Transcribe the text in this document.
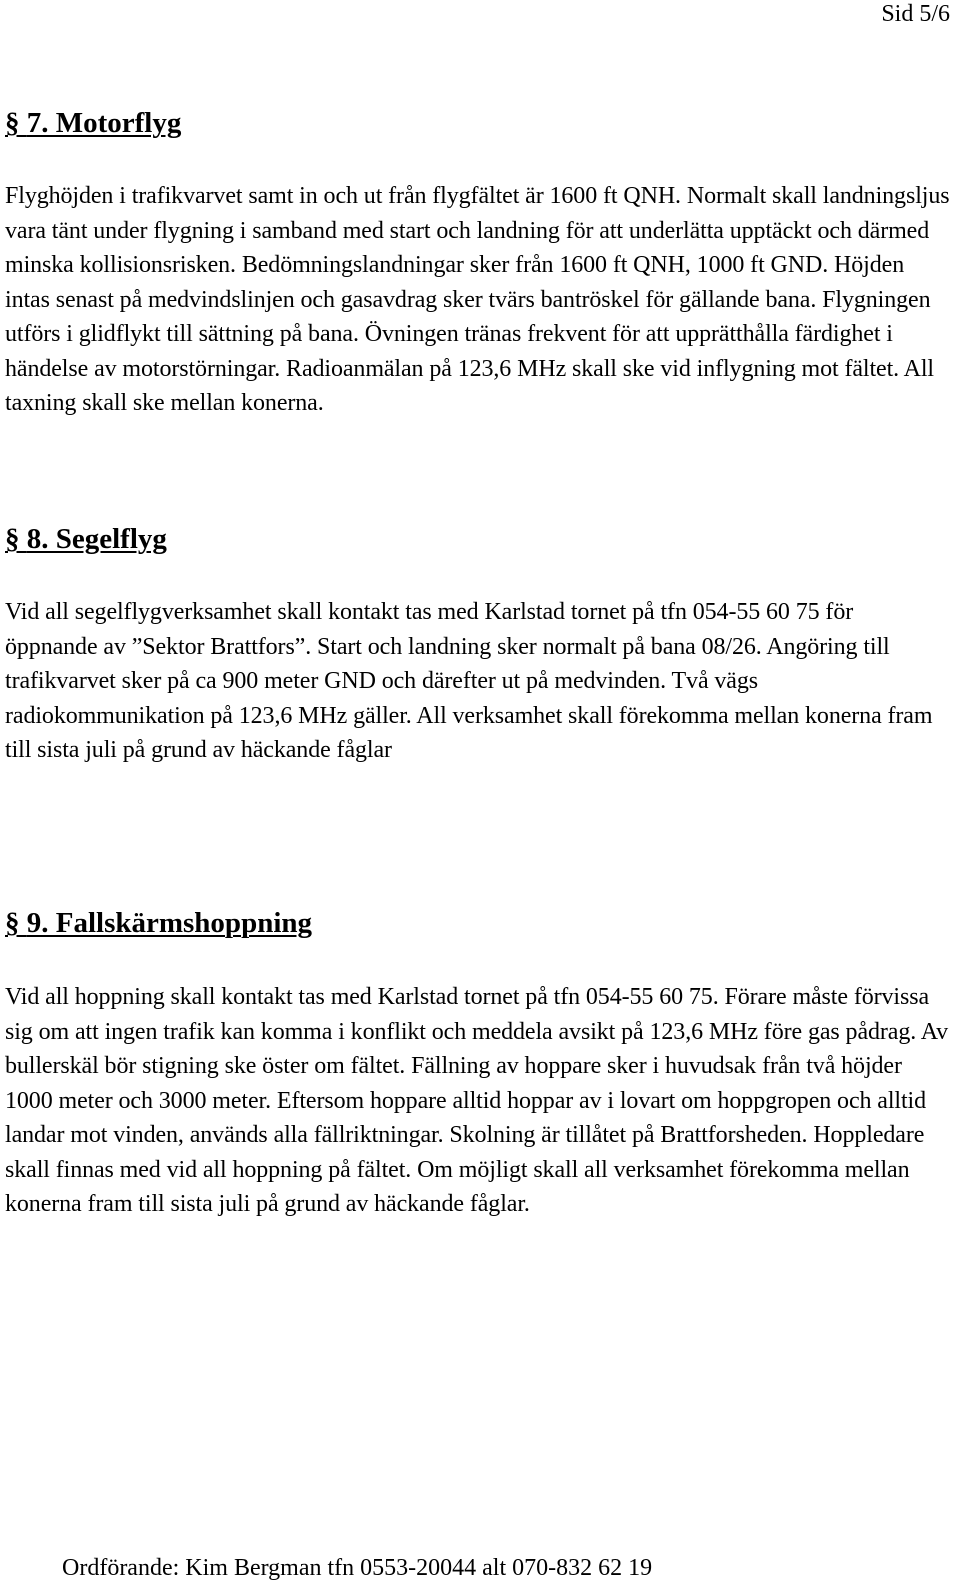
Sid 5/6
§ 7. Motorflyg

Flyghöjden i trafikvarvet samt in och ut från flygfältet är 1600 ft QNH. Normalt skall landningsljus vara tänt under flygning i samband med start och landning för att underlätta upptäckt och därmed minska kollisionsrisken. Bedömningslandningar sker från 1600 ft QNH, 1000 ft GND. Höjden intas senast på medvindslinjen och gasavdrag sker tvärs bantröskel för gällande bana. Flygningen utförs i glidflykt till sättning på bana. Övningen tränas frekvent för att upprätthålla färdighet i händelse av motorstörningar. Radioanmälan på 123,6 MHz skall ske vid inflygning mot fältet. All taxning skall ske mellan konerna.

§ 8. Segelflyg

Vid all segelflygverksamhet skall kontakt tas med Karlstad tornet på tfn 054-55 60 75 för öppnande av ”Sektor Brattfors”. Start och landning sker normalt på bana 08/26. Angöring till trafikvarvet sker på ca 900 meter GND och därefter ut på medvinden. Två vägs radiokommunikation på 123,6 MHz gäller. All verksamhet skall förekomma mellan konerna fram till sista juli på grund av häckande fåglar

§ 9. Fallskärmshoppning

Vid all hoppning skall kontakt tas med Karlstad tornet på tfn 054-55 60 75. Förare måste förvissa sig om att ingen trafik kan komma i konflikt och meddela avsikt på 123,6 MHz före gas pådrag. Av bullerskäl bör stigning ske öster om fältet. Fällning av hoppare sker i huvudsak från två höjder 1000 meter och 3000 meter. Eftersom hoppare alltid hoppar av i lovart om hoppgropen och alltid landar mot vinden, används alla fällriktningar. Skolning är tillåtet på Brattforsheden. Hoppledare skall finnas med vid all hoppning på fältet. Om möjligt skall all verksamhet förekomma mellan konerna fram till sista juli på grund av häckande fåglar.

Ordförande: Kim Bergman tfn 0553-20044 alt 070-832 62 19
